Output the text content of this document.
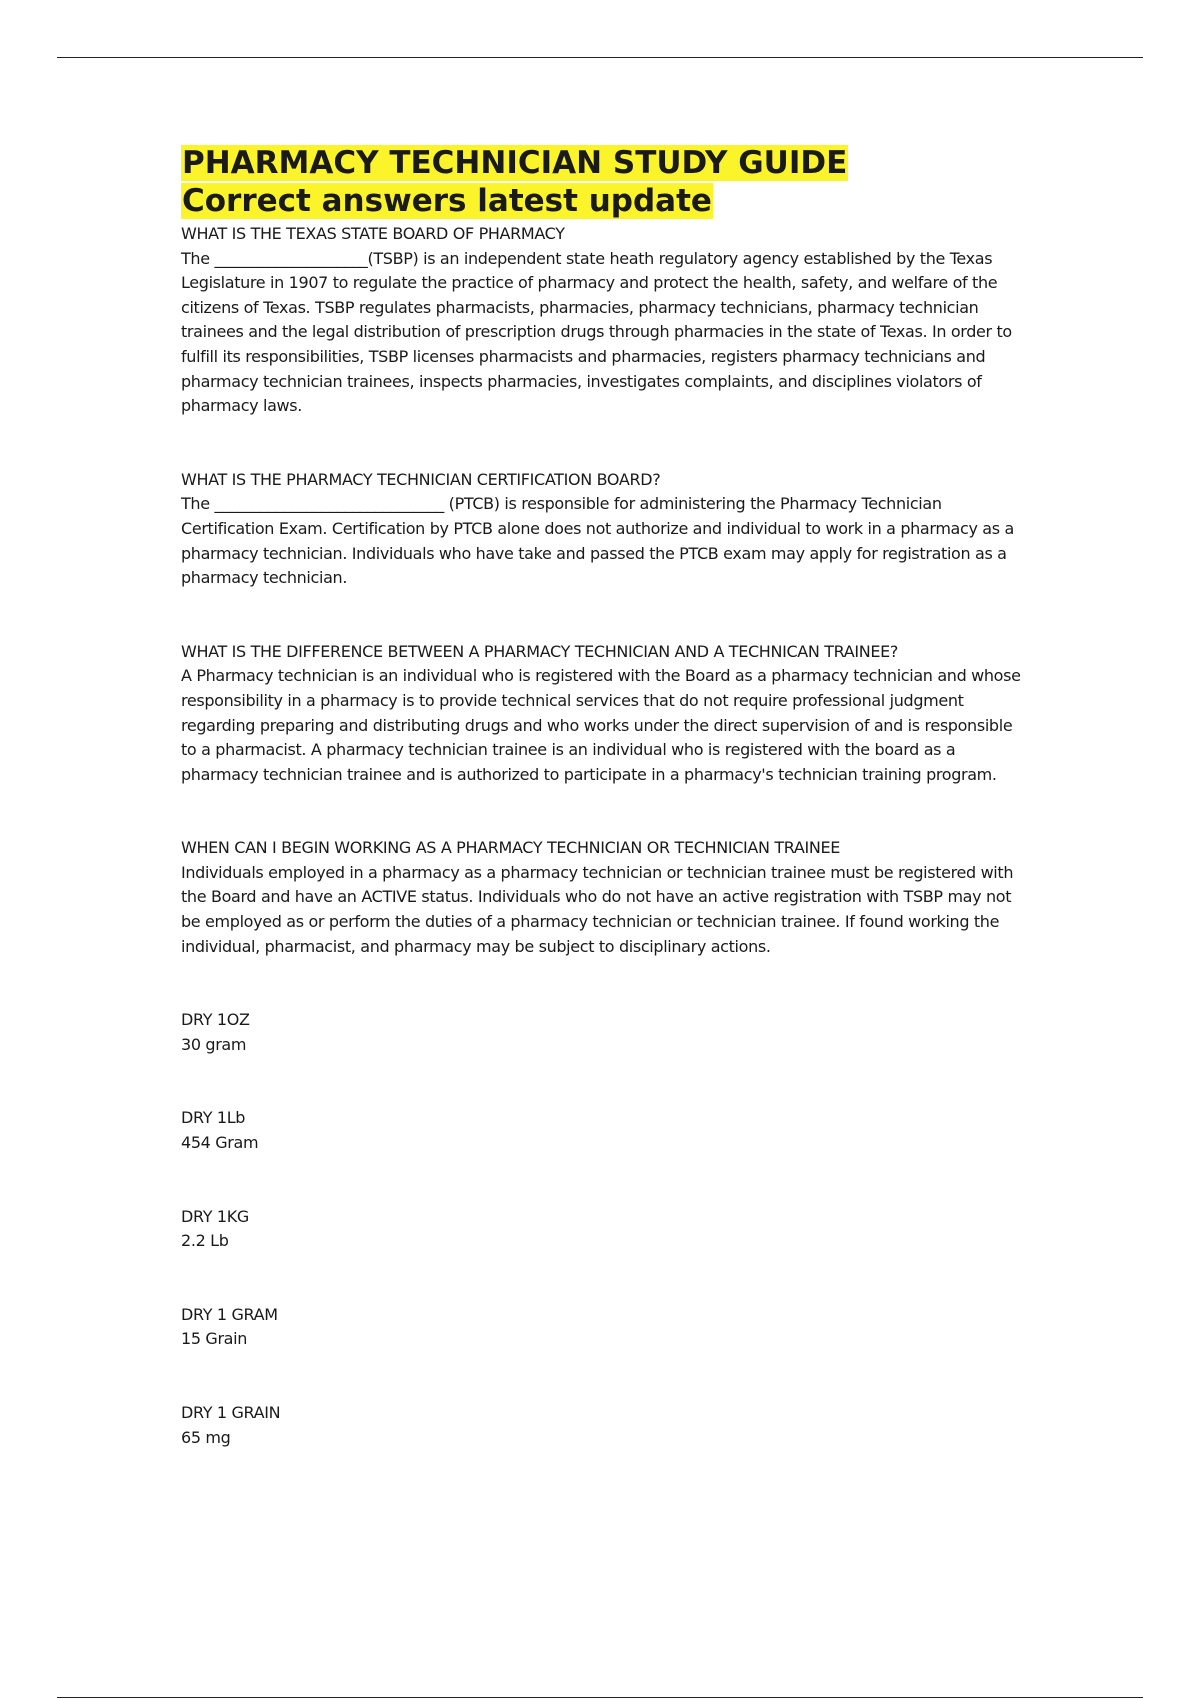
PHARMACY TECHNICIAN STUDY GUIDE
Correct answers latest update

WHAT IS THE TEXAS STATE BOARD OF PHARMACY

The ____________________(TSBP) is an independent state heath regulatory agency established by the Texas Legislature in 1907 to regulate the practice of pharmacy and protect the health, safety, and welfare of the citizens of Texas. TSBP regulates pharmacists, pharmacies, pharmacy technicians, pharmacy technician trainees and the legal distribution of prescription drugs through pharmacies in the state of Texas. In order to fulfill its responsibilities, TSBP licenses pharmacists and pharmacies, registers pharmacy technicians and pharmacy technician trainees, inspects pharmacies, investigates complaints, and disciplines violators of pharmacy laws.

WHAT IS THE PHARMACY TECHNICIAN CERTIFICATION BOARD?

The ______________________________ (PTCB) is responsible for administering the Pharmacy Technician Certification Exam. Certification by PTCB alone does not authorize and individual to work in a pharmacy as a pharmacy technician. Individuals who have take and passed the PTCB exam may apply for registration as a pharmacy technician.

WHAT IS THE DIFFERENCE BETWEEN A PHARMACY TECHNICIAN AND A TECHNICAN TRAINEE?

A Pharmacy technician is an individual who is registered with the Board as a pharmacy technician and whose responsibility in a pharmacy is to provide technical services that do not require professional judgment regarding preparing and distributing drugs and who works under the direct supervision of and is responsible to a pharmacist. A pharmacy technician trainee is an individual who is registered with the board as a pharmacy technician trainee and is authorized to participate in a pharmacy's technician training program.

WHEN CAN I BEGIN WORKING AS A PHARMACY TECHNICIAN OR TECHNICIAN TRAINEE

Individuals employed in a pharmacy as a pharmacy technician or technician trainee must be registered with the Board and have an ACTIVE status. Individuals who do not have an active registration with TSBP may not be employed as or perform the duties of a pharmacy technician or technician trainee. If found working the individual, pharmacist, and pharmacy may be subject to disciplinary actions.

DRY 1OZ

30 gram

DRY 1Lb

454 Gram

DRY 1KG

2.2 Lb

DRY 1 GRAM

15 Grain

DRY 1 GRAIN

65 mg
